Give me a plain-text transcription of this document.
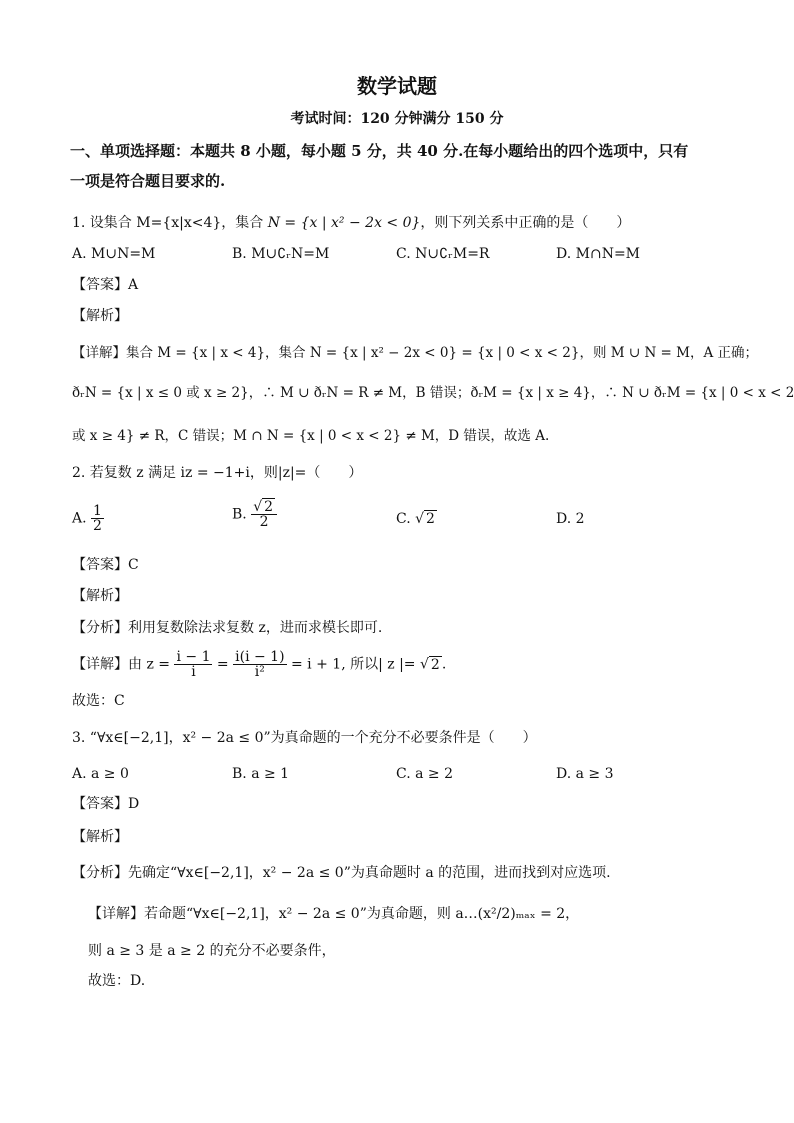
数学试题
考试时间：120 分钟满分 150 分
一、单项选择题：本题共 8 小题，每小题 5 分，共 40 分.在每小题给出的四个选项中，只有
一项是符合题目要求的.
1. 设集合 M={x|x<4}，集合 N = {x | x² − 2x < 0}，则下列关系中正确的是（　　）
A. M∪N=M	B. M∪∁ᵣN=M	C. N∪∁ᵣM=R	D. M∩N=M
【答案】A
【解析】
【详解】集合 M = {x | x < 4}，集合 N = {x | x² − 2x < 0} = {x | 0 < x < 2}，则 M ∪ N = M，A 正确；
ðᵣN = {x | x ≤ 0 或 x ≥ 2}，∴ M ∪ ðᵣN = R ≠ M，B 错误；ðᵣM = {x | x ≥ 4}，∴ N ∪ ðᵣM = {x | 0 < x < 2
或 x ≥ 4} ≠ R，C 错误；M ∩ N = {x | 0 < x < 2} ≠ M，D 错误，故选 A.
2. 若复数 z 满足 iz = −1+i，则|z|=（　　）
A. $\frac{1}{2}$	B. $\frac{√ 2}{2}$	C. √ 2	D. 2
【答案】C
【解析】
【分析】利用复数除法求复数 z，进而求模长即可.
【详解】由 $z = \frac{i - 1}{i} = \frac{i(i - 1)}{\text{i²}} = i + 1$, 所以| z |= √ 2 .
故选：C
3. “∀x∈[−2,1]，x² − 2a ≤ 0”为真命题的一个充分不必要条件是（　　）
A. a ≥ 0	B. a ≥ 1	C. a ≥ 2	D. a ≥ 3
【答案】D
【解析】
【分析】先确定“∀x∈[−2,1]，x² − 2a ≤ 0”为真命题时 a 的范围，进而找到对应选项.
【详解】若命题“∀x∈[−2,1]，x² − 2a ≤ 0”为真命题，则 a…(x²/2)ₘₐₓ = 2，
则 a ≥ 3 是 a ≥ 2 的充分不必要条件，
故选：D.
